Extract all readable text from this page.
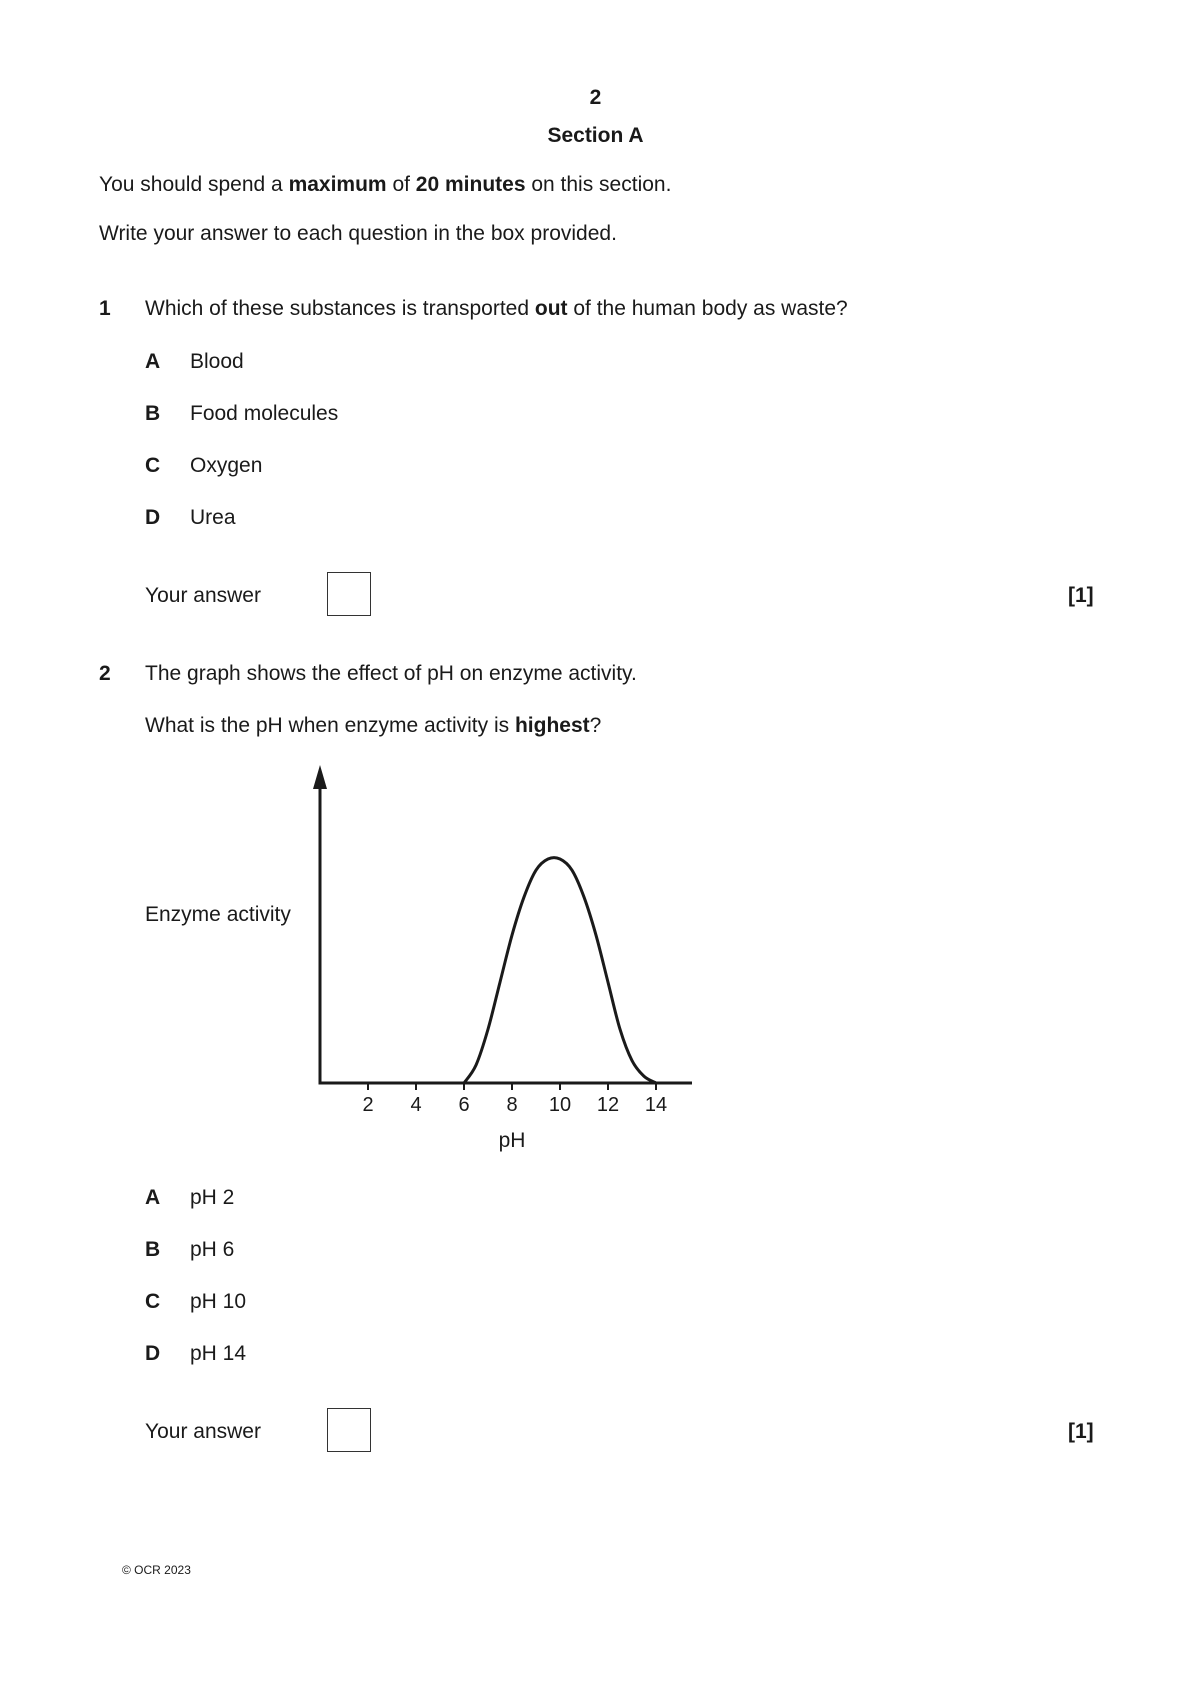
2
Section A
You should spend a maximum of 20 minutes on this section.
Write your answer to each question in the box provided.
1 Which of these substances is transported out of the human body as waste?
A Blood
B Food molecules
C Oxygen
D Urea
Your answer	[1]
2 The graph shows the effect of pH on enzyme activity.
What is the pH when enzyme activity is highest?
Enzyme activity
2 4 6 8 10 12 14
pH
A pH 2
B pH 6
C pH 10
D pH 14
Your answer	[1]
© OCR 2023
